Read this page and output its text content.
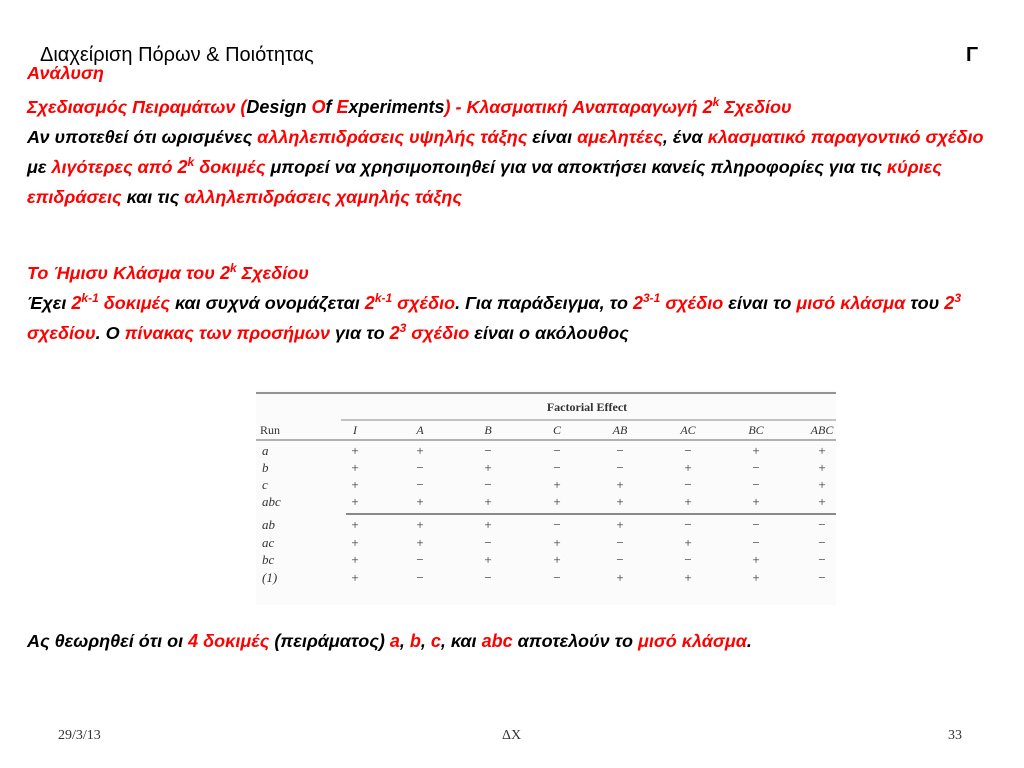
Διαχείριση Πόρων & Ποιότητας	Γ
Ανάλυση
Σχεδιασμός Πειραμάτων (Design Of Experiments) - Κλασματική Αναπαραγωγή 2$^k$ Σχεδίου
Αν υποτεθεί ότι ωρισμένες αλληλεπιδράσεις υψηλής τάξης είναι αμελητέες, ένα κλασματικό παραγοντικό σχέδιο με λιγότερες από 2$^k$ δοκιμές μπορεί να χρησιμοποιηθεί για να αποκτήσει κανείς πληροφορίες για τις κύριες επιδράσεις και τις αλληλεπιδράσεις χαμηλής τάξης
Το Ήμισυ Κλάσμα του 2$^k$ Σχεδίου
Έχει 2$^{k-1}$ δοκιμές και συχνά ονομάζεται 2$^{k-1}$ σχέδιο. Για παράδειγμα, το 2$^{3-1}$ σχέδιο είναι το μισό κλάσμα του $2^3$ σχεδίου. Ο πίνακας των προσήμων για το $2^3$ σχέδιο είναι ο ακόλουθος
Factorial Effect
Run	I	A	B	C	AB	AC	BC	ABC
a	+	+	−	−	−	−	+	+
b	+	−	+	−	−	+	−	+
c	+	−	−	+	+	−	−	+
abc	+	+	+	+	+	+	+	+
ab	+	+	+	−	+	−	−	−
ac	+	+	−	+	−	+	−	−
bc	+	−	+	+	−	−	+	−
(1)	+	−	−	−	+	+	+	−
Ας θεωρηθεί ότι οι 4 δοκιμές (πειράματος) a, b, c, και abc αποτελούν το μισό κλάσμα.
29/3/13	ΔΧ	33
